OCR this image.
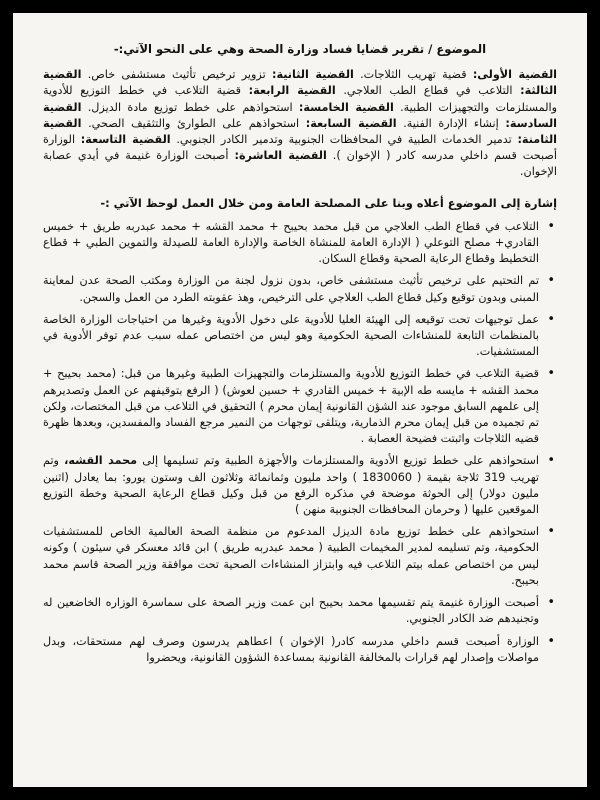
الموضوع / تقرير قضايا فساد وزارة الصحة وهي على النحو الآتي:-

القضية الأولى: قضية تهريب الثلاجات. القضية الثانية: تزوير ترخيص تأثيث مستشفى خاص. القضية الثالثة: التلاعب في قطاع الطب العلاجي. القضية الرابعة: قضية التلاعب في خطط التوزيع للأدوية والمستلزمات والتجهيزات الطبية. القضية الخامسة: استحواذهم على خطط توزيع مادة الديزل. القضية السادسة: إنشاء الإدارة الفنية. القضية السابعة: استحواذهم على الطوارئ والتثقيف الصحي. القضية الثامنة: تدمير الخدمات الطبية في المحافظات الجنوبية وتدمير الكادر الجنوبي. القضية التاسعة: الوزارة أصبحت قسم داخلي مدرسه كادر ( الإخوان ). القضية العاشرة: أصبحت الوزارة غنيمة في أيدي عصابة الإخوان.

إشارة إلى الموضوع أعلاه وبنا على المصلحة العامة ومن خلال العمل لوحظ الآتي :-

• التلاعب في قطاع الطب العلاجي من قبل محمد بحيبح + محمد القشه + محمد عبدربه طريق + خميس القادري+ مصلح التوعلي ( الإدارة العامة للمنشاة الخاصة والإدارة العامة للصيدلة والتموين الطبي + قطاع التخطيط وقطاع الرعاية الصحية وقطاع السكان.
• تم التحتيم على ترخيص تأثيث مستشفى خاص، بدون نزول لجنة من الوزارة ومكتب الصحة عدن لمعاينة المبنى وبدون توقيع وكيل قطاع الطب العلاجي على الترخيص، وهذ عقوبته الطرد من العمل والسجن.
• عمل توجيهات تحت توقيعه إلى الهيئة العليا للأدوية على دخول الأدوية وغيرها من احتياجات الوزارة الخاصة بالمنظمات التابعة للمنشاءات الصحية الحكومية وهو ليس من اختصاص عمله سبب عدم توفر الأدوية في المستشفيات.
• قضية التلاعب في خطط التوزيع للأدوية والمستلزمات والتجهيزات الطبية وغيرها من قبل: (محمد بحيبح + محمد القشه + مايسه طه الإبية + خميس القادري + حسين لعوش) ( الرفع بتوقيفهم عن العمل وتصديرهم إلى علمهم السابق موجود عند الشؤن القانونية إيمان محرم ) التحقيق في التلاعب من قبل المختصات، ولكن تم تجميده من قبل إيمان محرم الذمارية، ويتلقى توجهات من النمير مرجع الفساد والمفسدين، وبعدها ظهرة قضيه الثلاجات واثبتت فضيحة العصابة .
• استحواذهم على خطط توزيع الأدوية والمستلزمات والأجهزة الطبية وتم تسليمها إلى محمد القشه، وتم تهريب 319 ثلاجة بقيمة ( 1830060 ) واحد مليون وثمانمائة وثلاثون الف وستون يورو: بما يعادل (اثنين مليون دولار) إلى الحوثة موضحة في مذكره الرفع من قبل وكيل قطاع الرعاية الصحية وخطة التوزيع الموقعين عليها ( وحرمان المحافظات الجنوبية منهن )
• استحواذهم على خطط توزيع مادة الديزل المدعوم من منظمة الصحة العالمية الخاص للمستشفيات الحكومية، وتم تسليمه لمدير المخيمات الطبية ( محمد عبدربه طريق ) ابن قائد معسكر في سيئون ) وكونه ليس من اختصاص عمله بيتم التلاعب فيه وابتزاز المنشاءات الصحية تحت موافقة وزير الصحة قاسم محمد بحيبح.
• أصبحت الوزارة غنيمة يتم تقسيمها محمد بحيبح ابن عمت وزير الصحة على سماسرة الوزاره الخاضعين له وتجنيدهم ضد الكادر الجنوبي.
• الوزارة أصبحت قسم داخلي مدرسه كادر( الإخوان ) اعطاهم يدرسون وصرف لهم مستحقات، وبدل مواصلات وإصدار لهم قرارات بالمخالفة القانونية بمساعدة الشؤون القانونية، ويحضروا
